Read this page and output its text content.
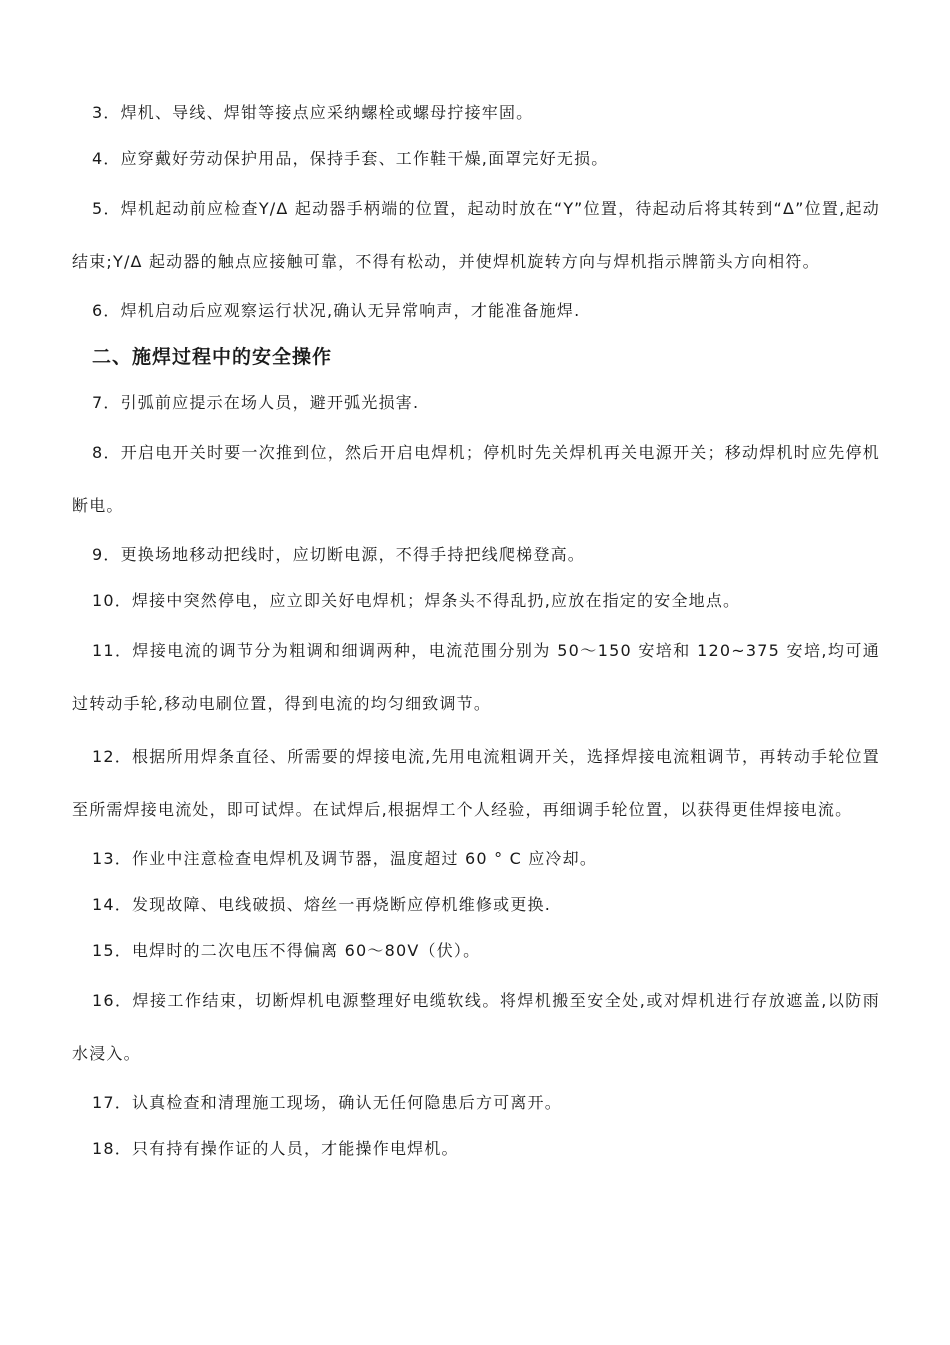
3．焊机、导线、焊钳等接点应采纳螺栓或螺母拧接牢固。

4．应穿戴好劳动保护用品，保持手套、工作鞋干燥,面罩完好无损。

5．焊机起动前应检查Y/Δ 起动器手柄端的位置，起动时放在“Y”位置，待起动后将其转到“Δ”位置,起动结束;Y/Δ 起动器的触点应接触可靠，不得有松动，并使焊机旋转方向与焊机指示牌箭头方向相符。

6．焊机启动后应观察运行状况,确认无异常响声，才能准备施焊.

二、施焊过程中的安全操作

7．引弧前应提示在场人员，避开弧光损害.

8．开启电开关时要一次推到位，然后开启电焊机；停机时先关焊机再关电源开关；移动焊机时应先停机断电。

9．更换场地移动把线时，应切断电源，不得手持把线爬梯登高。

10．焊接中突然停电，应立即关好电焊机；焊条头不得乱扔,应放在指定的安全地点。

11．焊接电流的调节分为粗调和细调两种，电流范围分别为 50～150 安培和 120~375 安培,均可通过转动手轮,移动电刷位置，得到电流的均匀细致调节。

12．根据所用焊条直径、所需要的焊接电流,先用电流粗调开关，选择焊接电流粗调节，再转动手轮位置至所需焊接电流处，即可试焊。在试焊后,根据焊工个人经验，再细调手轮位置，以获得更佳焊接电流。

13．作业中注意检查电焊机及调节器，温度超过 60 ° C 应冷却。

14．发现故障、电线破损、熔丝一再烧断应停机维修或更换.

15．电焊时的二次电压不得偏离 60～80V（伏）。

16．焊接工作结束，切断焊机电源整理好电缆软线。将焊机搬至安全处,或对焊机进行存放遮盖,以防雨水浸入。

17．认真检查和清理施工现场，确认无任何隐患后方可离开。

18．只有持有操作证的人员，才能操作电焊机。
